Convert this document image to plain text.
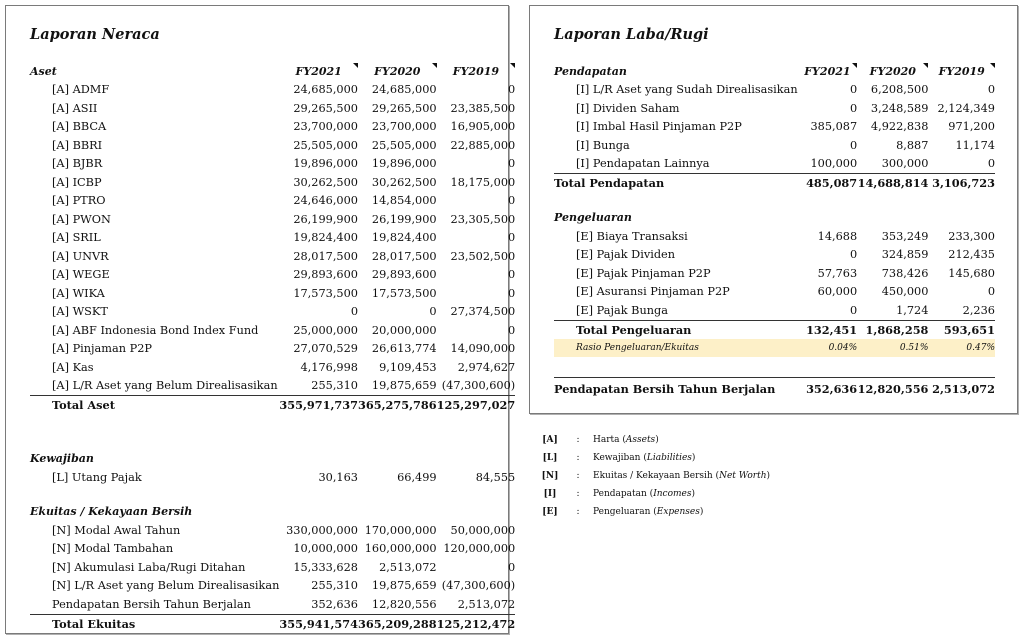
Laporan Neraca
Aset	FY2021	FY2020	FY2019

[A] ADMF	24,685,000	24,685,000	0
[A] ASII	29,265,500	29,265,500	23,385,500
[A] BBCA	23,700,000	23,700,000	16,905,000
[A] BBRI	25,505,000	25,505,000	22,885,000
[A] BJBR	19,896,000	19,896,000	0
[A] ICBP	30,262,500	30,262,500	18,175,000
[A] PTRO	24,646,000	14,854,000	0
[A] PWON	26,199,900	26,199,900	23,305,500
[A] SRIL	19,824,400	19,824,400	0
[A] UNVR	28,017,500	28,017,500	23,502,500
[A] WEGE	29,893,600	29,893,600	0
[A] WIKA	17,573,500	17,573,500	0
[A] WSKT	0	0	27,374,500
[A] ABF Indonesia Bond Index Fund	25,000,000	20,000,000	0
[A] Pinjaman P2P	27,070,529	26,613,774	14,090,000
[A] Kas	4,176,998	9,109,453	2,974,627
[A] L/R Aset yang Belum Direalisasikan	255,310	19,875,659	(47,300,600)
Total Aset	355,971,737	365,275,786	125,297,027

Kewajiban			
[L] Utang Pajak	30,163	66,499	84,555

Ekuitas / Kekayaan Bersih			
[N] Modal Awal Tahun	330,000,000	170,000,000	50,000,000
[N] Modal Tambahan	10,000,000	160,000,000	120,000,000
[N] Akumulasi Laba/Rugi Ditahan	15,333,628	2,513,072	0
[N] L/R Aset yang Belum Direalisasikan	255,310	19,875,659	(47,300,600)
Pendapatan Bersih Tahun Berjalan	352,636	12,820,556	2,513,072
Total Ekuitas	355,941,574	365,209,288	125,212,472
Laporan Laba/Rugi
Pendapatan	FY2021	FY2020	FY2019

[I] L/R Aset yang Sudah Direalisasikan	0	6,208,500	0
[I] Dividen Saham	0	3,248,589	2,124,349
[I] Imbal Hasil Pinjaman P2P	385,087	4,922,838	971,200
[I] Bunga	0	8,887	11,174
[I] Pendapatan Lainnya	100,000	300,000	0
Total Pendapatan	485,087	14,688,814	3,106,723

Pengeluaran			
[E] Biaya Transaksi	14,688	353,249	233,300
[E] Pajak Dividen	0	324,859	212,435
[E] Pajak Pinjaman P2P	57,763	738,426	145,680
[E] Asuransi Pinjaman P2P	60,000	450,000	0
[E] Pajak Bunga	0	1,724	2,236
Total Pengeluaran	132,451	1,868,258	593,651
Rasio Pengeluaran/Ekuitas	0.04%	0.51%	0.47%

Pendapatan Bersih Tahun Berjalan	352,636	12,820,556	2,513,072
[A]	:	Harta (Assets)
[L]	:	Kewajiban (Liabilities)
[N]	:	Ekuitas / Kekayaan Bersih (Net Worth)
[I]	:	Pendapatan (Incomes)
[E]	:	Pengeluaran (Expenses)
